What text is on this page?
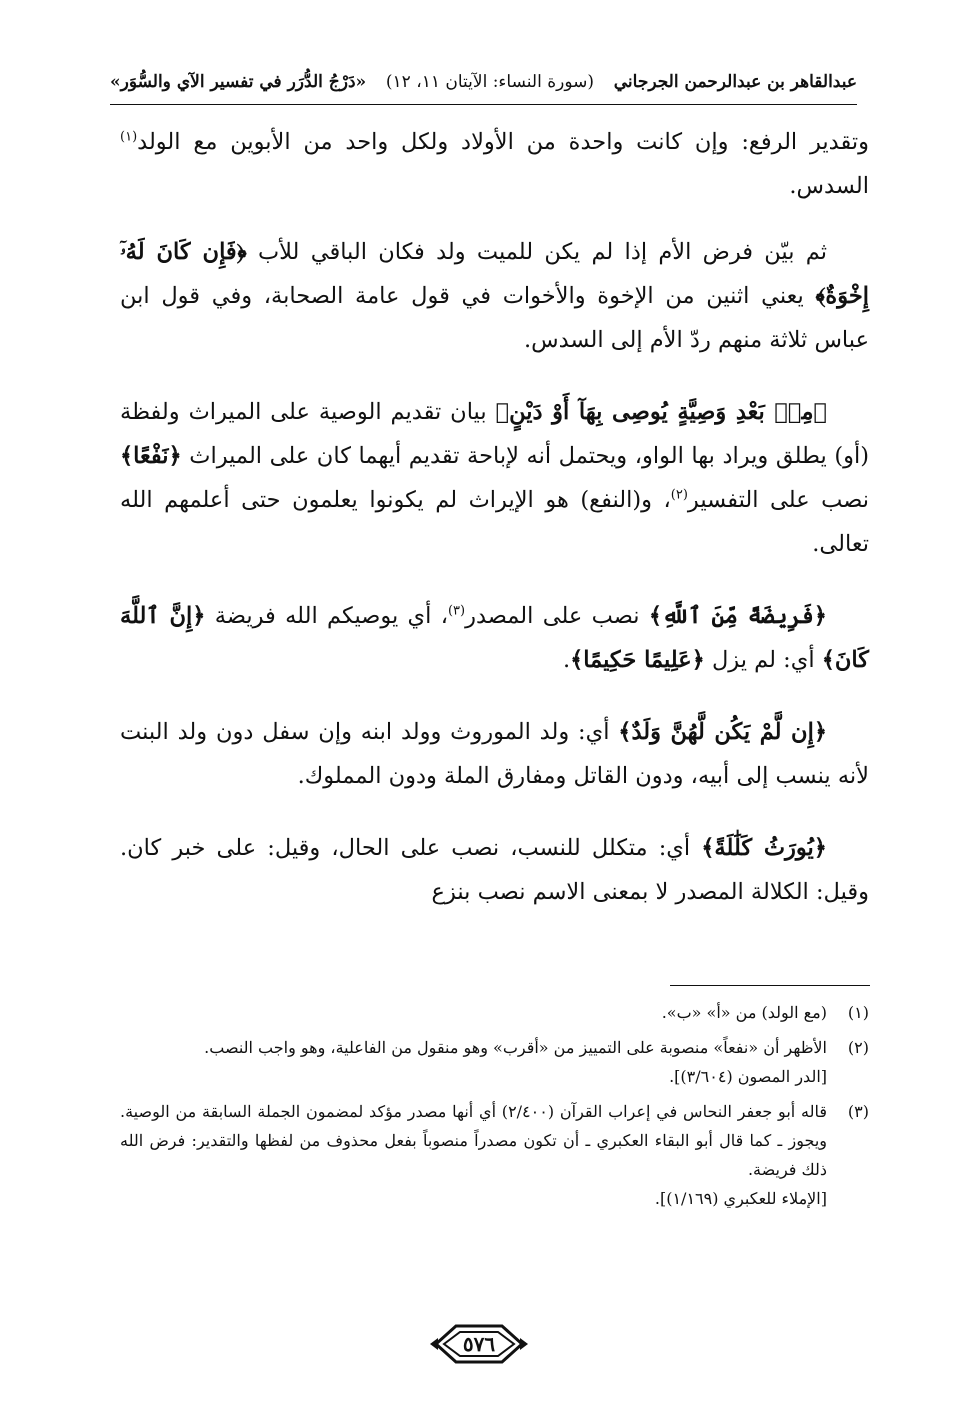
عبدالقاهر بن عبدالرحمن الجرجاني
(سورة النساء: الآيتان ١١، ١٢)
«دَرْجُ الدُّرَر في تفسير الآي والسُّوَر»

وتقدير الرفع: وإن كانت واحدة من الأولاد ولكل واحد من الأبوين مع الولد$^{(١)}$ السدس.

ثم بيّن فرض الأم إذا لم يكن للميت ولد فكان الباقي للأب ﴿فَإِن كَانَ لَهُۥٓ إِخْوَةٌ﴾ يعني اثنين من الإخوة والأخوات في قول عامة الصحابة، وفي قول ابن عباس ثلاثة منهم ردّ الأم إلى السدس.

﴿مِنۢ بَعْدِ وَصِيَّةٍ يُوصِى بِهَآ أَوْ دَيْنٍ﴾ بيان تقديم الوصية على الميراث ولفظة (أو) يطلق ويراد بها الواو، ويحتمل أنه لإباحة تقديم أيهما كان على الميراث ﴿نَفْعًا﴾ نصب على التفسير$^{(٢)}$، و(النفع) هو الإيراث لم يكونوا يعلمون حتى أعلمهم الله تعالى.

﴿فَرِيضَةً مِّنَ ٱللَّهِ﴾ نصب على المصدر$^{(٣)}$، أي يوصيكم الله فريضة ﴿إِنَّ ٱللَّهَ كَانَ﴾ أي: لم يزل ﴿عَلِيمًا حَكِيمًا﴾.

﴿إِن لَّمْ يَكُن لَّهُنَّ وَلَدٌ﴾ أي: ولد الموروث وولد ابنه وإن سفل دون ولد البنت لأنه ينسب إلى أبيه، ودون القاتل ومفارق الملة ودون المملوك.

﴿يُورَثُ كَلَٰلَةً﴾ أي: متكلل للنسب، نصب على الحال، وقيل: على خبر كان. وقيل: الكلالة المصدر لا بمعنى الاسم نصب بنزع

(١)
(مع الولد) من «أ» «ب».
(٢)
الأظهر أن «نفعاً» منصوبة على التمييز من «أقرب» وهو منقول من الفاعلية، وهو واجب النصب.
[الدر المصون (٣/٦٠٤)].
(٣)
قاله أبو جعفر النحاس في إعراب القرآن (٢/٤٠٠) أي أنها مصدر مؤكد لمضمون الجملة السابقة من الوصية. ويجوز ـ كما قال أبو البقاء العكبري ـ أن تكون مصدراً منصوباً بفعل محذوف من لفظها والتقدير: فرض الله ذلك فريضة.
[الإملاء للعكبري (١/١٦٩)].
٥٧٦
